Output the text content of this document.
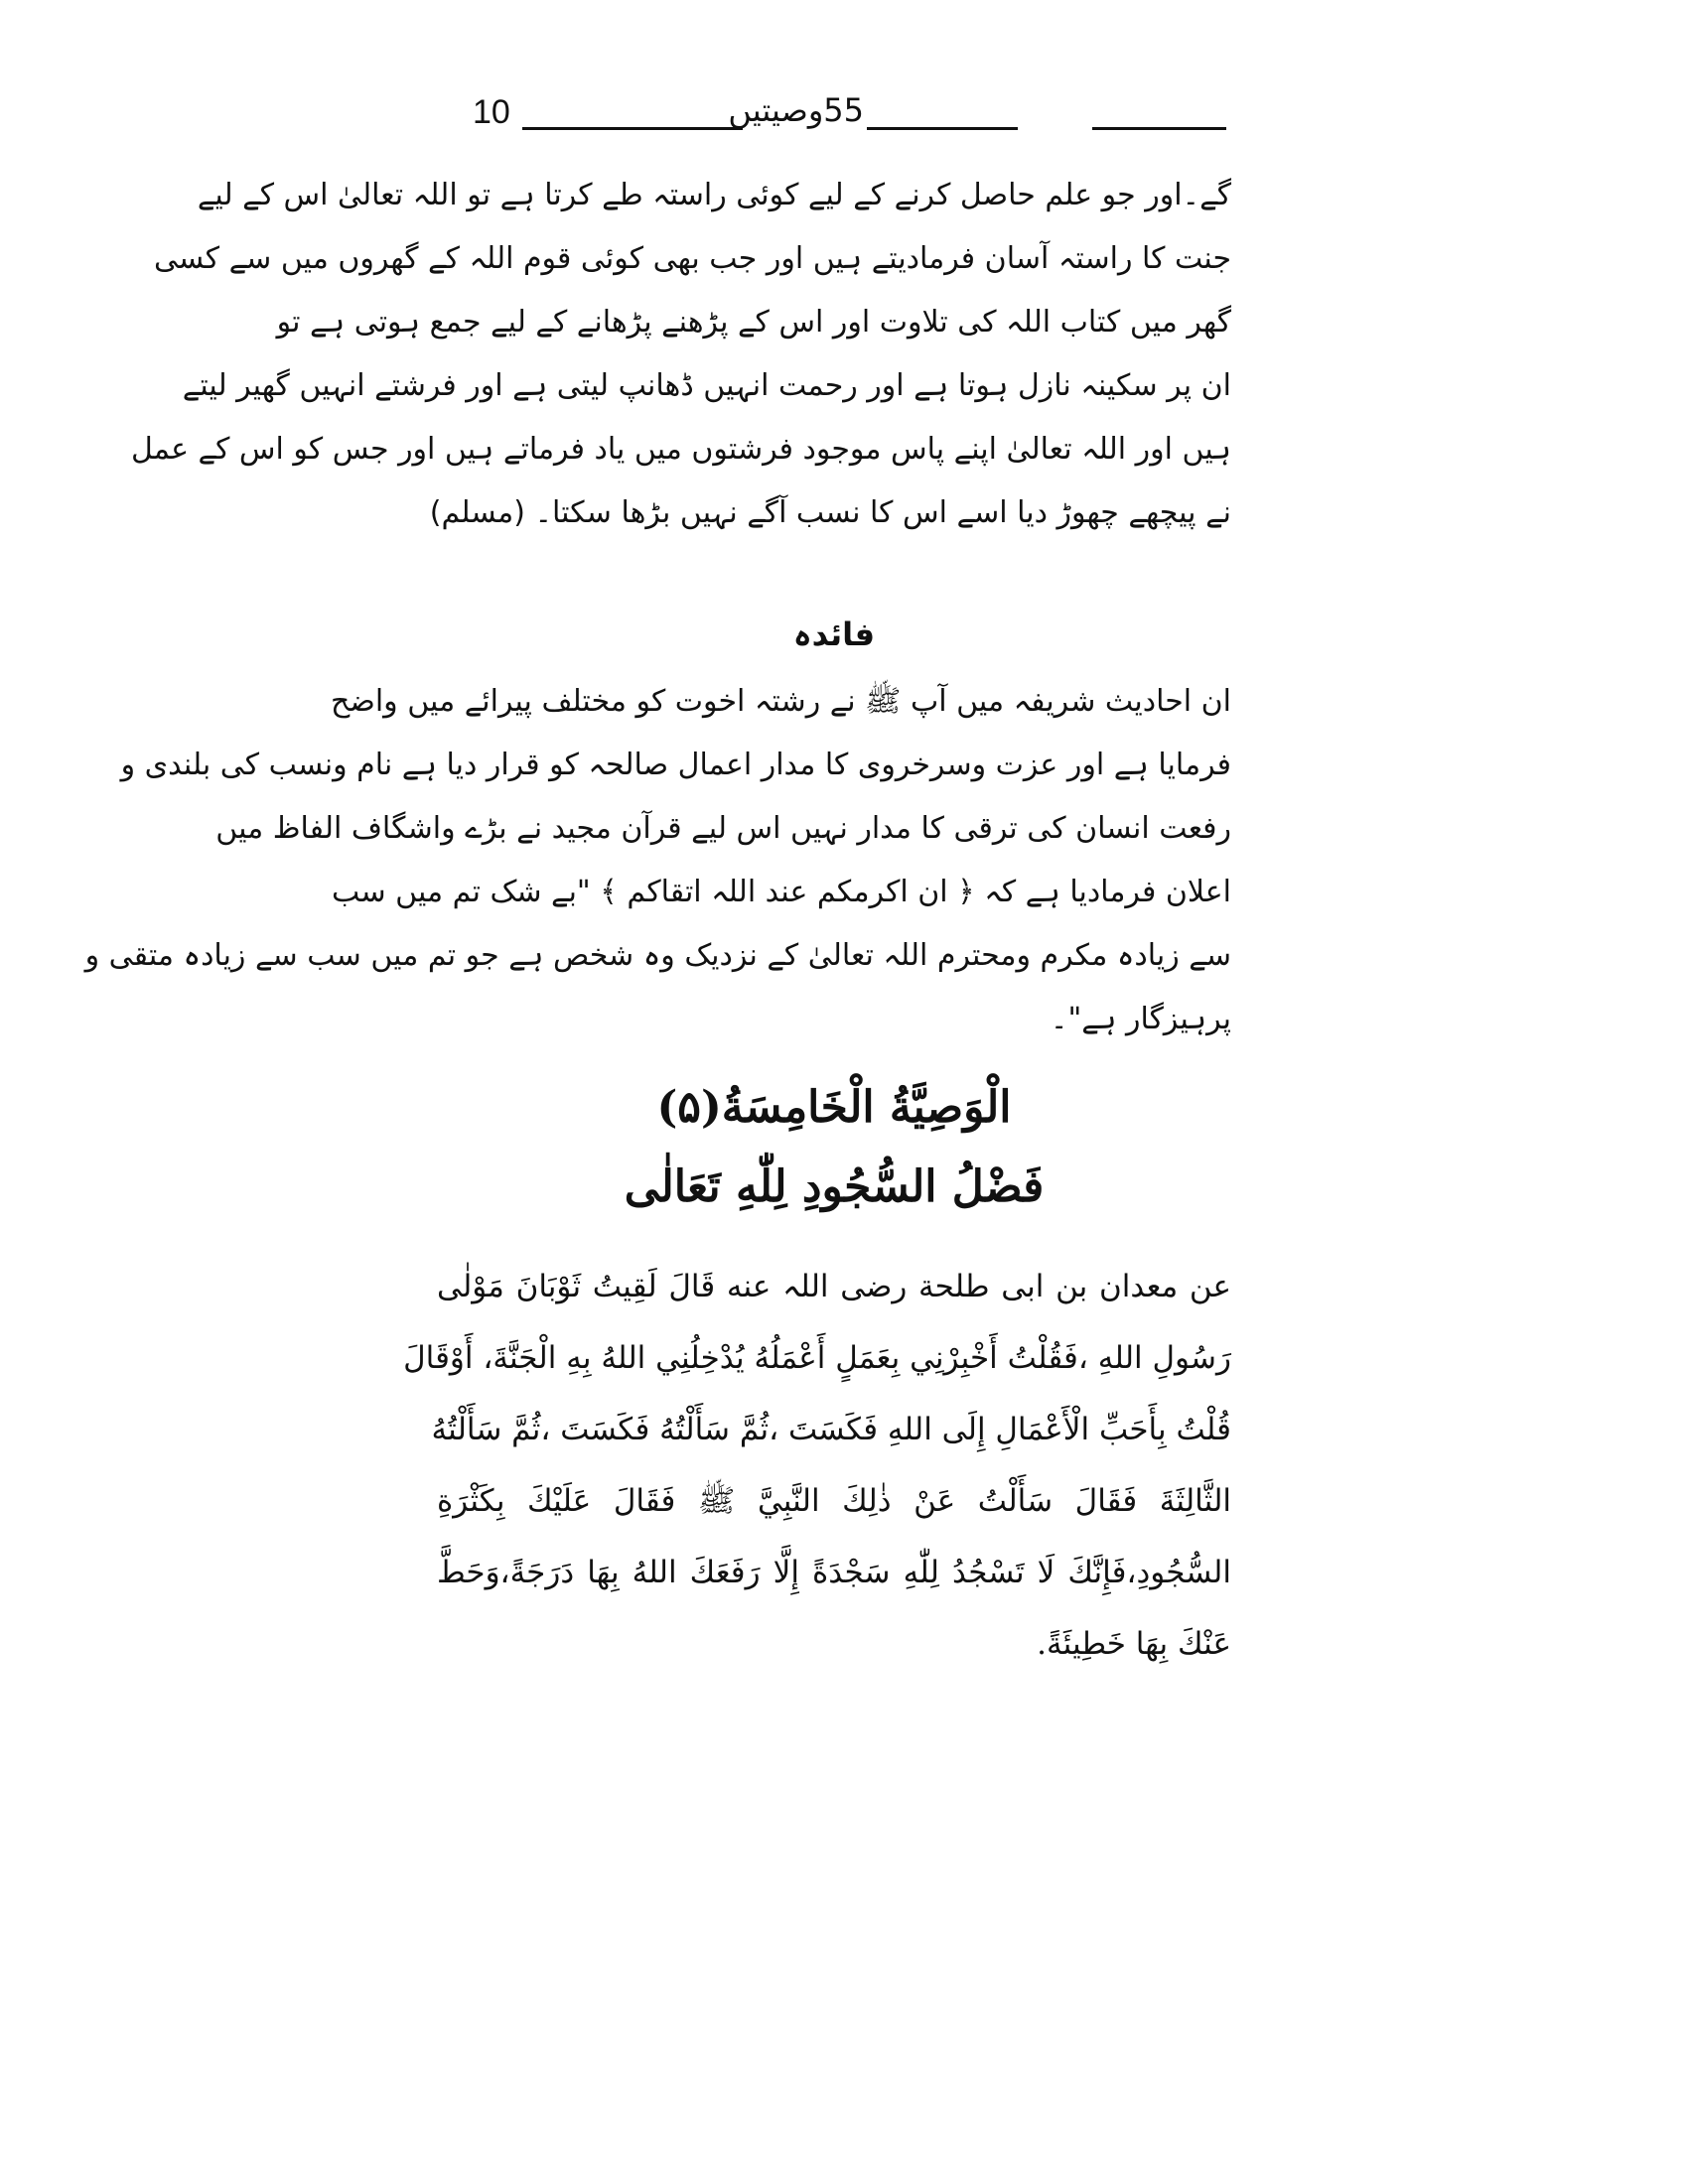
10	55وصیتیں
گے۔اور جو علم حاصل کرنے کے لیے کوئی راستہ طے کرتا ہے تو اللہ تعالیٰ اس کے لیے
جنت کا راستہ آسان فرمادیتے ہیں اور جب بھی کوئی قوم اللہ کے گھروں میں سے کسی
گھر میں کتاب اللہ کی تلاوت اور اس کے پڑھنے پڑھانے کے لیے جمع ہوتی ہے تو
ان پر سکینہ نازل ہوتا ہے اور رحمت انہیں ڈھانپ لیتی ہے اور فرشتے انہیں گھیر لیتے
ہیں اور اللہ تعالیٰ اپنے پاس موجود فرشتوں میں یاد فرماتے ہیں اور جس کو اس کے عمل
نے پیچھے چھوڑ دیا اسے اس کا نسب آگے نہیں بڑھا سکتا۔ (مسلم)
فائدہ
ان احادیث شریفہ میں آپ ﷺ نے رشتہ اخوت کو مختلف پیرائے میں واضح
فرمایا ہے اور عزت وسرخروی کا مدار اعمال صالحہ کو قرار دیا ہے نام ونسب کی بلندی و
رفعت انسان کی ترقی کا مدار نہیں اس لیے قرآن مجید نے بڑے واشگاف الفاظ میں
اعلان فرمادیا ہے کہ ﴿ ان اکرمکم عند اللہ اتقاکم ﴾ "بے شک تم میں سب
سے زیادہ مکرم ومحترم اللہ تعالیٰ کے نزدیک وہ شخص ہے جو تم میں سب سے زیادہ متقی و
پرہیزگار ہے"۔
الْوَصِيَّةُ الْخَامِسَةُ(۵)
فَضْلُ السُّجُودِ لِلّٰهِ تَعَالٰى
عن معدان بن ابی طلحة رضی اللہ عنه قَالَ لَقِيتُ ثَوْبَانَ مَوْلٰى
رَسُولِ اللهِ ،فَقُلْتُ أَخْبِرْنِي بِعَمَلٍ أَعْمَلُهُ يُدْخِلُنِي اللهُ بِهِ الْجَنَّةَ، أَوْقَالَ
قُلْتُ بِأَحَبِّ الْأَعْمَالِ إِلَى اللهِ فَكَسَتَ ،ثُمَّ سَأَلْتُهُ فَكَسَتَ ،ثُمَّ سَأَلْتُهُ
الثَّالِثَةَ فَقَالَ سَأَلْتُ عَنْ ذٰلِكَ النَّبِيَّ ﷺ فَقَالَ عَلَيْكَ بِكَثْرَةِ
السُّجُودِ،فَإِنَّكَ لَا تَسْجُدُ لِلّٰهِ سَجْدَةً إِلَّا رَفَعَكَ اللهُ بِهَا دَرَجَةً،وَحَطَّ
عَنْكَ بِهَا خَطِيئَةً.
